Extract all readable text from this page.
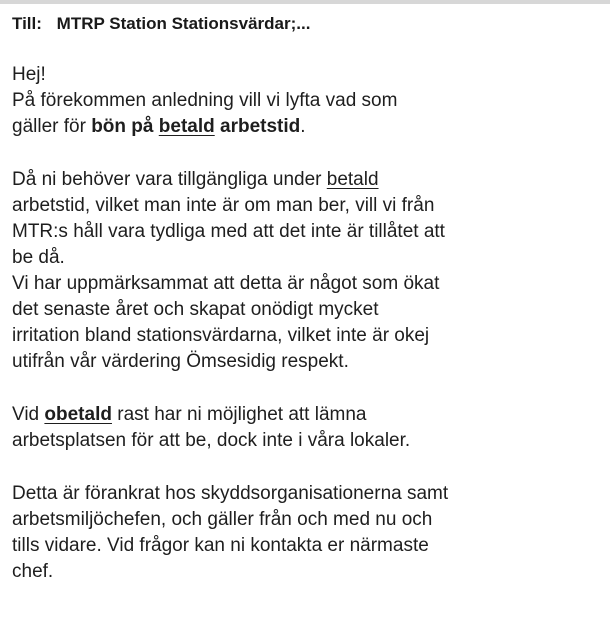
Till: MTRP Station Stationsvärdar;...
Hej!
På förekommen anledning vill vi lyfta vad som
gäller för bön på betald arbetstid.
Då ni behöver vara tillgängliga under betald
arbetstid, vilket man inte är om man ber, vill vi från
MTR:s håll vara tydliga med att det inte är tillåtet att
be då.
Vi har uppmärksammat att detta är något som ökat
det senaste året och skapat onödigt mycket
irritation bland stationsvärdarna, vilket inte är okej
utifrån vår värdering Ömsesidig respekt.
Vid obetald rast har ni möjlighet att lämna
arbetsplatsen för att be, dock inte i våra lokaler.
Detta är förankrat hos skyddsorganisationerna samt
arbetsmiljöchefen, och gäller från och med nu och
tills vidare. Vid frågor kan ni kontakta er närmaste
chef.
